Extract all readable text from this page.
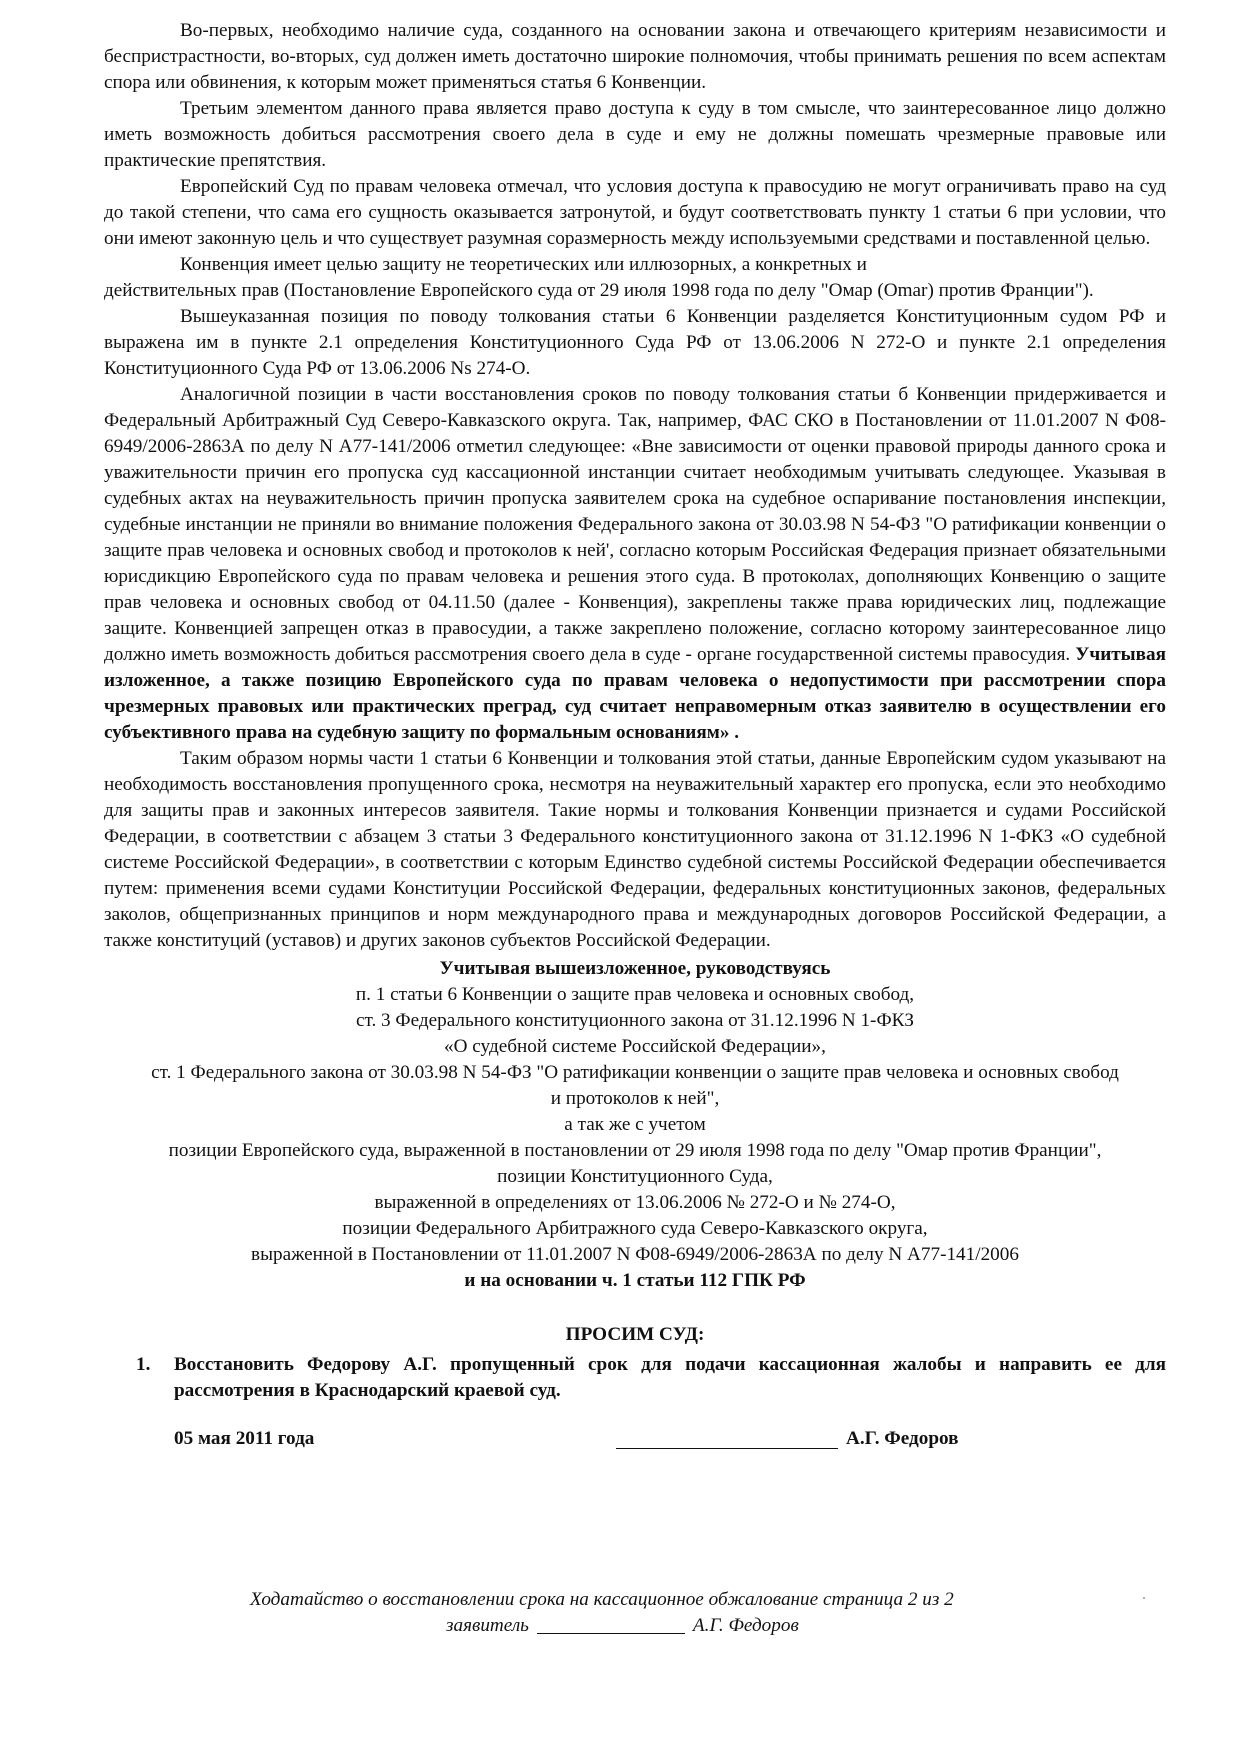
Во-первых, необходимо наличие суда, созданного на основании закона и отвечающего критериям независимости и беспристрастности, во-вторых, суд должен иметь достаточно широкие полномочия, чтобы принимать решения по всем аспектам спора или обвинения, к которым может применяться статья 6 Конвенции.

Третьим элементом данного права является право доступа к суду в том смысле, что заинтересованное лицо должно иметь возможность добиться рассмотрения своего дела в суде и ему не должны помешать чрезмерные правовые или практические препятствия.

Европейский Суд по правам человека отмечал, что условия доступа к правосудию не могут ограничивать право на суд до такой степени, что сама его сущность оказывается затронутой, и будут соответствовать пункту 1 статьи 6 при условии, что они имеют законную цель и что существует разумная соразмерность между используемыми средствами и поставленной целью.

Конвенция имеет целью защиту не теоретических или иллюзорных, а конкретных и

действительных прав (Постановление Европейского суда от 29 июля 1998 года по делу "Омар (Omar) против Франции").

Вышеуказанная позиция по поводу толкования статьи 6 Конвенции разделяется Конституционным судом РФ и выражена им в пункте 2.1 определения Конституционного Суда РФ от 13.06.2006 N 272-О и пункте 2.1 определения Конституционного Суда РФ от 13.06.2006 Ns 274-О.

Аналогичной позиции в части восстановления сроков по поводу толкования статьи б Конвенции придерживается и Федеральный Арбитражный Суд Северо-Кавказского округа. Так, например, ФАС СКО в Постановлении от 11.01.2007 N Ф08-6949/2006-2863А по делу N А77-141/2006 отметил следующее: «Вне зависимости от оценки правовой природы данного срока и уважительности причин его пропуска суд кассационной инстанции считает необходимым учитывать следующее. Указывая в судебных актах на неуважительность причин пропуска заявителем срока на судебное оспаривание постановления инспекции, судебные инстанции не приняли во внимание положения Федерального закона от 30.03.98 N 54-ФЗ "О ратификации конвенции о защите прав человека и основных свобод и протоколов к ней', согласно которым Российская Федерация признает обязательными юрисдикцию Европейского суда по правам человека и решения этого суда. В протоколах, дополняющих Конвенцию о защите прав человека и основных свобод от 04.11.50 (далее - Конвенция), закреплены также права юридических лиц, подлежащие защите. Конвенцией запрещен отказ в правосудии, а также закреплено положение, согласно которому заинтересованное лицо должно иметь возможность добиться рассмотрения своего дела в суде - органе государственной системы правосудия. Учитывая изложенное, а также позицию Европейского суда по правам человека о недопустимости при рассмотрении спора чрезмерных правовых или практических преград, суд считает неправомерным отказ заявителю в осуществлении его субъективного права на судебную защиту по формальным основаниям» .

Таким образом нормы части 1 статьи 6 Конвенции и толкования этой статьи, данные Европейским судом указывают на необходимость восстановления пропущенного срока, несмотря на неуважительный характер его пропуска, если это необходимо для защиты прав и законных интересов заявителя. Такие нормы и толкования Конвенции признается и судами Российской Федерации, в соответствии с абзацем 3 статьи 3 Федерального конституционного закона от 31.12.1996 N 1-ФКЗ «О судебной системе Российской Федерации», в соответствии с которым Единство судебной системы Российской Федерации обеспечивается путем: применения всеми судами Конституции Российской Федерации, федеральных конституционных законов, федеральных заколов, общепризнанных принципов и норм международного права и международных договоров Российской Федерации, а также конституций (уставов) и других законов субъектов Российской Федерации.

Учитывая вышеизложенное, руководствуясь
п. 1 статьи 6 Конвенции о защите прав человека и основных свобод,
ст. 3 Федерального конституционного закона от 31.12.1996 N 1-ФКЗ
«О судебной системе Российской Федерации»,
ст. 1 Федерального закона от 30.03.98 N 54-ФЗ "О ратификации конвенции о защите прав человека и основных свобод
и протоколов к ней",
а так же с учетом
позиции Европейского суда, выраженной в постановлении от 29 июля 1998 года по делу "Омар против Франции",
позиции Конституционного Суда,
выраженной в определениях от 13.06.2006 № 272-О и № 274-О,
позиции Федерального Арбитражного суда Северо-Кавказского округа,
выраженной в Постановлении от 11.01.2007 N Ф08-6949/2006-2863А по делу N А77-141/2006
и на основании ч. 1 статьи 112 ГПК РФ
ПРОСИМ СУД:
1.	Восстановить Федорову А.Г. пропущенный срок для подачи кассационная жалобы и направить ее для рассмотрения в Краснодарский краевой суд.
05 мая 2011 года	А.Г. Федоров
Ходатайство о восстановлении срока на кассационное обжалование страница 2 из 2
заявитель	А.Г. Федоров
